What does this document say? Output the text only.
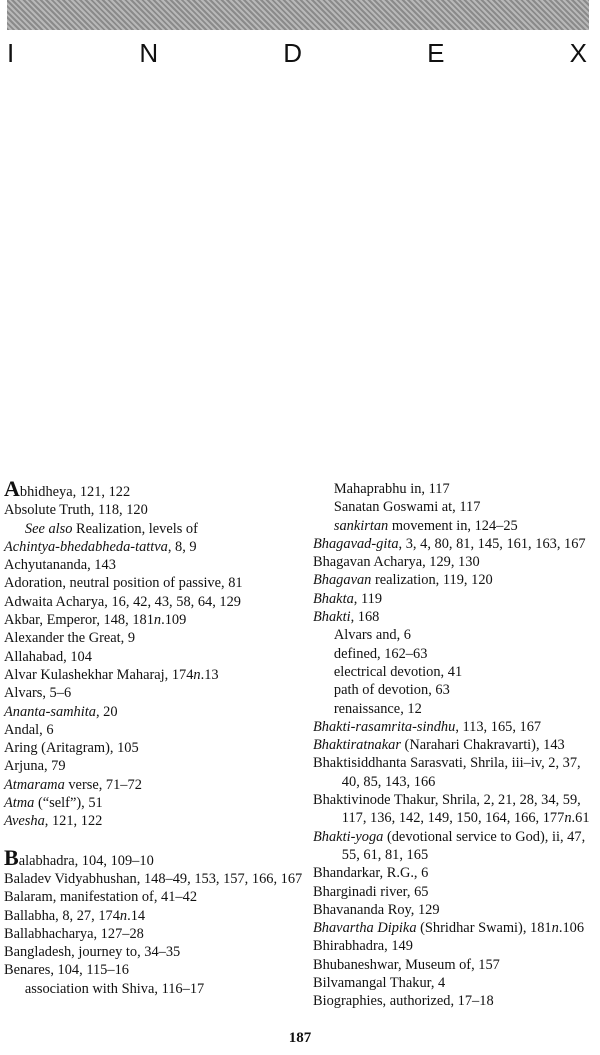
I	N	D	E	X
Abhidheya, 121, 122
Absolute Truth, 118, 120
See also Realization, levels of
Achintya-bhedabheda-tattva, 8, 9
Achyutananda, 143
Adoration, neutral position of passive, 81
Adwaita Acharya, 16, 42, 43, 58, 64, 129
Akbar, Emperor, 148, 181n.109
Alexander the Great, 9
Allahabad, 104
Alvar Kulashekhar Maharaj, 174n.13
Alvars, 5–6
Ananta-samhita, 20
Andal, 6
Aring (Aritagram), 105
Arjuna, 79
Atmarama verse, 71–72
Atma (“self”), 51
Avesha, 121, 122
Balabhadra, 104, 109–10
Baladev Vidyabhushan, 148–49, 153, 157, 166, 167
Balaram, manifestation of, 41–42
Ballabha, 8, 27, 174n.14
Ballabhacharya, 127–28
Bangladesh, journey to, 34–35
Benares, 104, 115–16
association with Shiva, 116–17
Mahaprabhu in, 117
Sanatan Goswami at, 117
sankirtan movement in, 124–25
Bhagavad-gita, 3, 4, 80, 81, 145, 161, 163, 167
Bhagavan Acharya, 129, 130
Bhagavan realization, 119, 120
Bhakta, 119
Bhakti, 168
Alvars and, 6
defined, 162–63
electrical devotion, 41
path of devotion, 63
renaissance, 12
Bhakti-rasamrita-sindhu, 113, 165, 167
Bhaktiratnakar (Narahari Chakravarti), 143
Bhaktisiddhanta Sarasvati, Shrila, iii–iv, 2, 37, 40, 85, 143, 166
Bhaktivinode Thakur, Shrila, 2, 21, 28, 34, 59, 117, 136, 142, 149, 150, 164, 166, 177n.61
Bhakti-yoga (devotional service to God), ii, 47, 55, 61, 81, 165
Bhandarkar, R.G., 6
Bharginadi river, 65
Bhavananda Roy, 129
Bhavartha Dipika (Shridhar Swami), 181n.106
Bhirabhadra, 149
Bhubaneshwar, Museum of, 157
Bilvamangal Thakur, 4
Biographies, authorized, 17–18
187
